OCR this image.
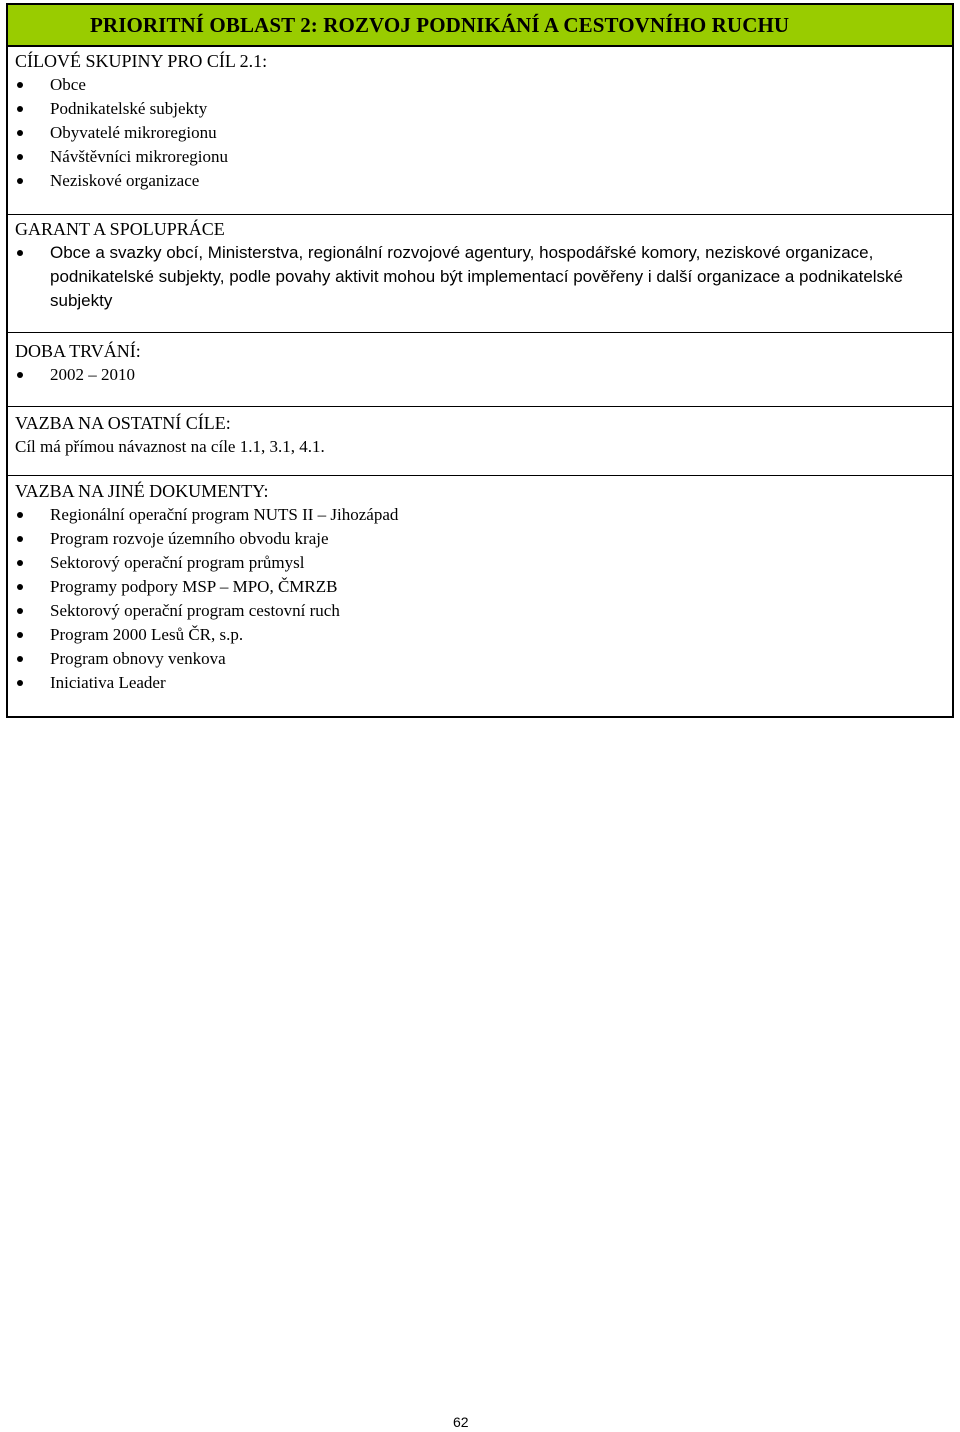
PRIORITNÍ OBLAST 2: ROZVOJ PODNIKÁNÍ A CESTOVNÍHO RUCHU
CÍLOVÉ SKUPINY PRO CÍL 2.1:
Obce
Podnikatelské subjekty
Obyvatelé mikroregionu
Návštěvníci mikroregionu
Neziskové organizace
GARANT A SPOLUPRÁCE
Obce a svazky obcí, Ministerstva, regionální rozvojové agentury, hospodářské komory, neziskové organizace, podnikatelské subjekty, podle povahy aktivit mohou být implementací pověřeny i další organizace a podnikatelské subjekty
DOBA TRVÁNÍ:
2002 – 2010
VAZBA NA OSTATNÍ CÍLE:
Cíl má přímou návaznost na cíle 1.1, 3.1, 4.1.
VAZBA NA JINÉ DOKUMENTY:
Regionální operační program NUTS II – Jihozápad
Program rozvoje územního obvodu kraje
Sektorový operační program průmysl
Programy podpory MSP – MPO, ČMRZB
Sektorový operační program cestovní ruch
Program 2000 Lesů ČR, s.p.
Program obnovy venkova
Iniciativa Leader
62
